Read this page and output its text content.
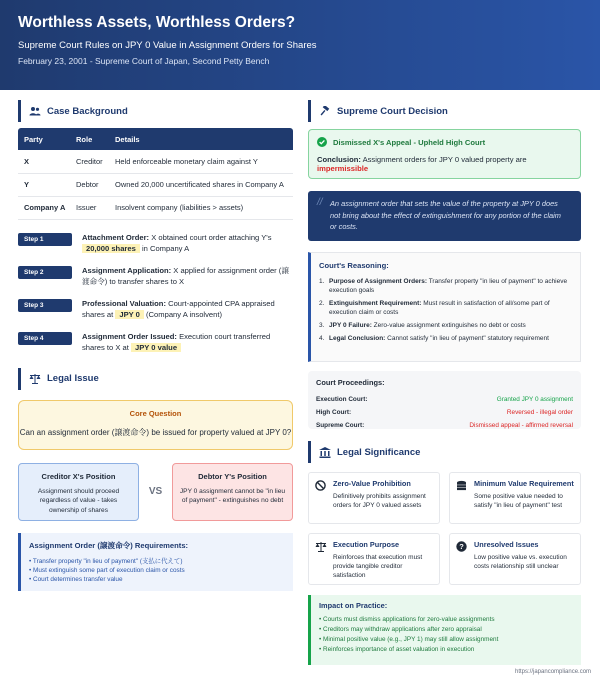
Worthless Assets, Worthless Orders?
Supreme Court Rules on JPY 0 Value in Assignment Orders for Shares
February 23, 2001 - Supreme Court of Japan, Second Petty Bench
Case Background
Party	Role	Details
X	Creditor	Held enforceable monetary claim against Y
Y	Debtor	Owned 20,000 uncertificated shares in Company A
Company A	Issuer	Insolvent company (liabilities > assets)
Step 1	Attachment Order: X obtained court order attaching Y's
20,000 shares in Company A
Step 2	Assignment Application: X applied for assignment order (譲渡命令) to transfer shares to X
Step 3	Professional Valuation: Court-appointed CPA appraised shares at JPY 0 (Company A insolvent)
Step 4	Assignment Order Issued: Execution court transferred shares to X at JPY 0 value
Legal Issue
Core Question
Can an assignment order (譲渡命令) be issued for property valued at JPY 0?
Creditor X's Position
Assignment should proceed regardless of value - takes ownership of shares
VS
Debtor Y's Position
JPY 0 assignment cannot be "in lieu of payment" - extinguishes no debt
Assignment Order (譲渡命令) Requirements:
• Transfer property "in lieu of payment" (支払に代えて)
• Must extinguish some part of execution claim or costs
• Court determines transfer value
Supreme Court Decision
Dismissed X's Appeal - Upheld High Court
Conclusion: Assignment orders for JPY 0 valued property are impermissible
// An assignment order that sets the value of the property at JPY 0 does not bring about the effect of extinguishment for any portion of the claim or costs.
Court's Reasoning:
1. Purpose of Assignment Orders: Transfer property "in lieu of payment" to achieve execution goals
2. Extinguishment Requirement: Must result in satisfaction of all/some part of execution claim or costs
3. JPY 0 Failure: Zero-value assignment extinguishes no debt or costs
4. Legal Conclusion: Cannot satisfy "in lieu of payment" statutory requirement
Court Proceedings:
Execution Court:	Granted JPY 0 assignment
High Court:	Reversed - illegal order
Supreme Court:	Dismissed appeal - affirmed reversal
Legal Significance
Zero-Value Prohibition
Definitively prohibits assignment orders for JPY 0 valued assets
Minimum Value Requirement
Some positive value needed to satisfy "in lieu of payment" test
Execution Purpose
Reinforces that execution must provide tangible creditor satisfaction
? Unresolved Issues
Low positive value vs. execution costs relationship still unclear
Impact on Practice:
• Courts must dismiss applications for zero-value assignments
• Creditors may withdraw applications after zero appraisal
• Minimal positive value (e.g., JPY 1) may still allow assignment
• Reinforces importance of asset valuation in execution
https://japancompliance.com
